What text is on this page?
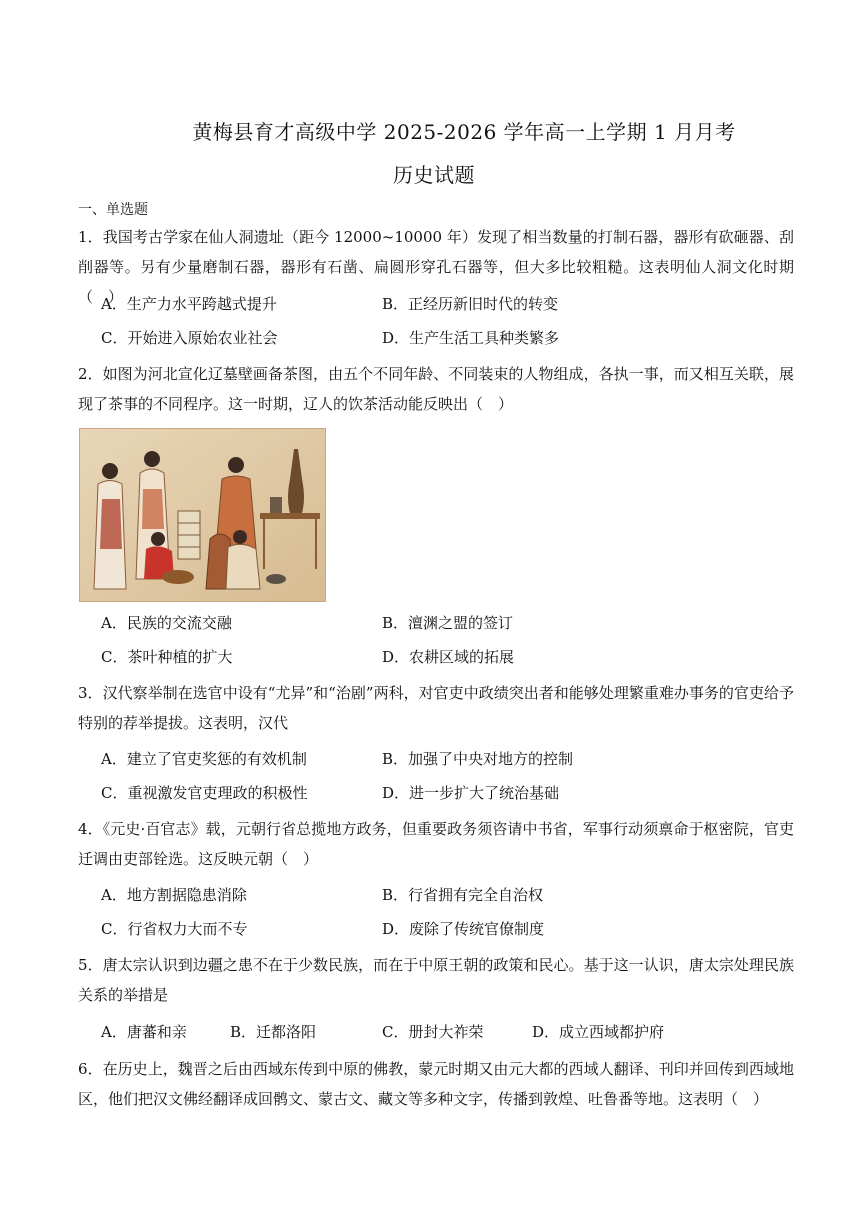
黄梅县育才高级中学 2025-2026 学年高一上学期 1 月月考
历史试题
一、单选题
1．我国考古学家在仙人洞遗址（距今 12000~10000 年）发现了相当数量的打制石器，器形有砍砸器、刮削器等。另有少量磨制石器，器形有石凿、扁圆形穿孔石器等，但大多比较粗糙。这表明仙人洞文化时期（　）
A．生产力水平跨越式提升	B．正经历新旧时代的转变
C．开始进入原始农业社会	D．生产生活工具种类繁多
2．如图为河北宣化辽墓壁画备茶图，由五个不同年龄、不同装束的人物组成，各执一事，而又相互关联，展现了茶事的不同程序。这一时期，辽人的饮茶活动能反映出（　）
A．民族的交流交融	B．澶渊之盟的签订
C．茶叶种植的扩大	D．农耕区域的拓展
3．汉代察举制在选官中设有“尤异”和“治剧”两科，对官吏中政绩突出者和能够处理繁重难办事务的官吏给予特别的荐举提拔。这表明，汉代
A．建立了官吏奖惩的有效机制	B．加强了中央对地方的控制
C．重视激发官吏理政的积极性	D．进一步扩大了统治基础
4．《元史·百官志》载，元朝行省总揽地方政务，但重要政务须咨请中书省，军事行动须禀命于枢密院，官吏迁调由吏部铨选。这反映元朝（　）
A．地方割据隐患消除	B．行省拥有完全自治权
C．行省权力大而不专	D．废除了传统官僚制度
5．唐太宗认识到边疆之患不在于少数民族，而在于中原王朝的政策和民心。基于这一认识，唐太宗处理民族关系的举措是
A．唐蕃和亲	B．迁都洛阳	C．册封大祚荣	D．成立西域都护府
6．在历史上，魏晋之后由西域东传到中原的佛教，蒙元时期又由元大都的西域人翻译、刊印并回传到西域地区，他们把汉文佛经翻译成回鹘文、蒙古文、藏文等多种文字，传播到敦煌、吐鲁番等地。这表明（　）
